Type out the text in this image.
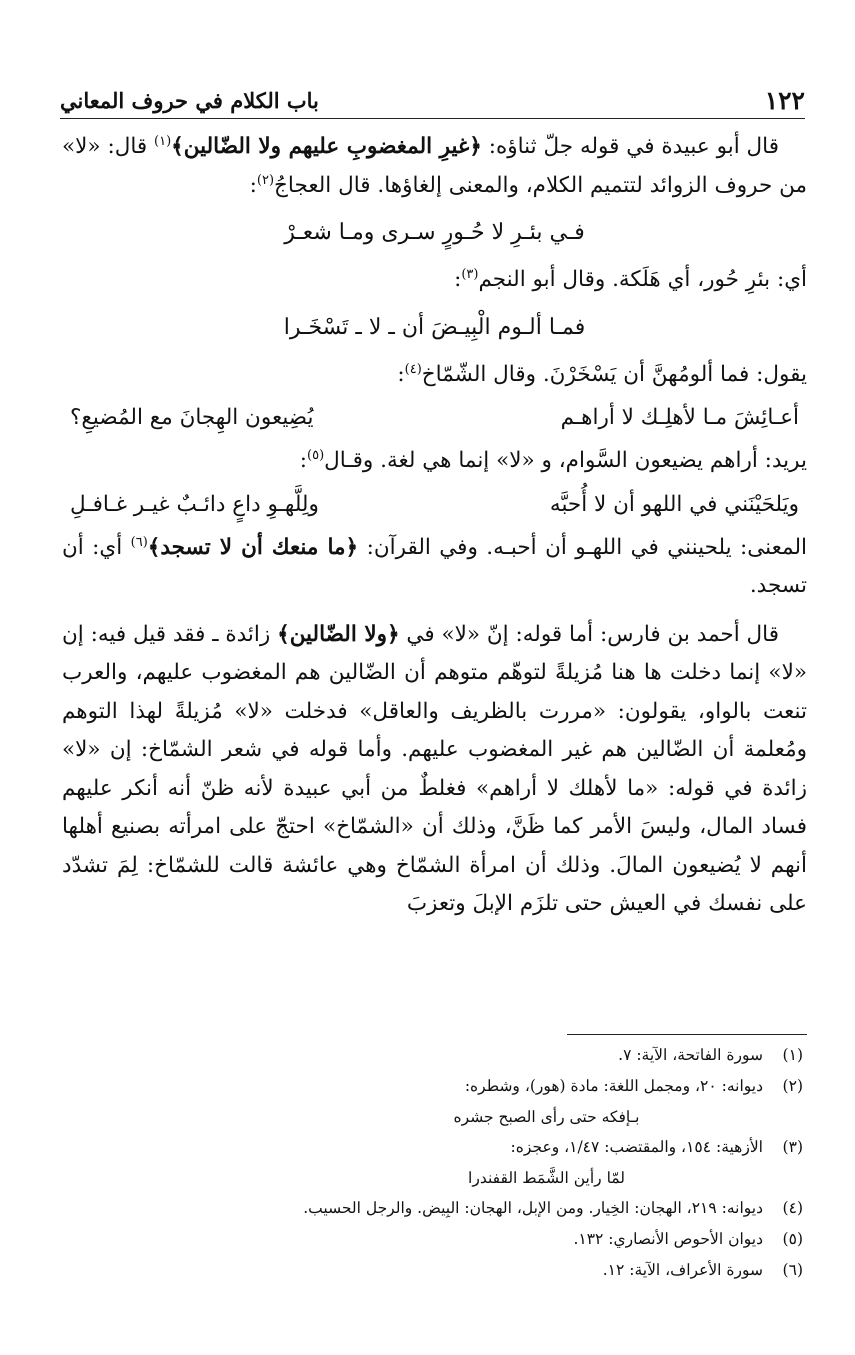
١٢٢
باب الكلام في حروف المعاني

قال أبو عبيدة في قوله جلّ ثناؤه: ﴿غيرِ المغضوبِ عليهم ولا الضّالين﴾$^{(١)}$ قال: «لا» من حروف الزوائد لتتميم الكلام، والمعنى إلغاؤها. قال العجاجُ$^{(٢)}$:

فـي بئـرِ لا حُـورٍ سـرى ومـا شعـرْ

أي: بئرِ حُور، أي هَلَكة. وقال أبو النجم$^{(٣)}$:

فمـا ألـوم الْبِيـضَ أن ـ لا ـ تَسْخَـرا

يقول: فما ألومُهنَّ أن يَسْخَرْنَ. وقال الشّمّاخ$^{(٤)}$:

أعـائِشَ مـا لأهلِـك لا أراهـم
يُضِيعون الهِجانَ مع المُضيعِ؟

يريد: أراهم يضيعون السَّوام، و «لا» إنما هي لغة. وقـال$^{(٥)}$:

ويَلحَيْنَني في اللهو أن لا أُحبَّه
ولِلَّهـوِ داعٍ دائـبٌ غيـر غـافـلِ

المعنى: يلحينني في اللهـو أن أحبـه. وفي القرآن: ﴿ما منعك أن لا تسجد﴾$^{(٦)}$ أي: أن تسجد.

قال أحمد بن فارس: أما قوله: إنّ «لا» في ﴿ولا الضّالين﴾ زائدة ـ فقد قيل فيه: إن «لا» إنما دخلت ها هنا مُزيلةً لتوهّم متوهم أن الضّالين هم المغضوب عليهم، والعرب تنعت بالواو، يقولون: «مررت بالظريف والعاقل» فدخلت «لا» مُزيلةً لهذا التوهم ومُعلمة أن الضّالين هم غير المغضوب عليهم. وأما قوله في شعر الشمّاخ: إن «لا» زائدة في قوله: «ما لأهلك لا أراهم» فغلطٌ من أبي عبيدة لأنه ظنّ أنه أنكر عليهم فساد المال، وليسَ الأمر كما ظَنَّ، وذلك أن «الشمّاخ» احتجّ على امرأته بصنيع أهلها أنهم لا يُضيعون المالَ. وذلك أن امرأة الشمّاخ وهي عائشة قالت للشمّاخ: لِمَ تشدّد على نفسك في العيش حتى تلزَم الإبلَ وتعزبَ

(١)
سورة الفاتحة، الآية: ٧.
(٢)
ديوانه: ٢٠، ومجمل اللغة: مادة (هور)، وشطره:
بـإفكه حتى رأى الصبح جشره
(٣)
الأزهية: ١٥٤، والمقتضب: ١/٤٧، وعجزه:
لمّا رأين الشَّمَط القفندرا
(٤)
ديوانه: ٢١٩، الهجان: الخِيار. ومن الإبل، الهجان: البِيض. والرجل الحسيب.
(٥)
ديوان الأحوص الأنصاري: ١٣٢.
(٦)
سورة الأعراف، الآية: ١٢.
